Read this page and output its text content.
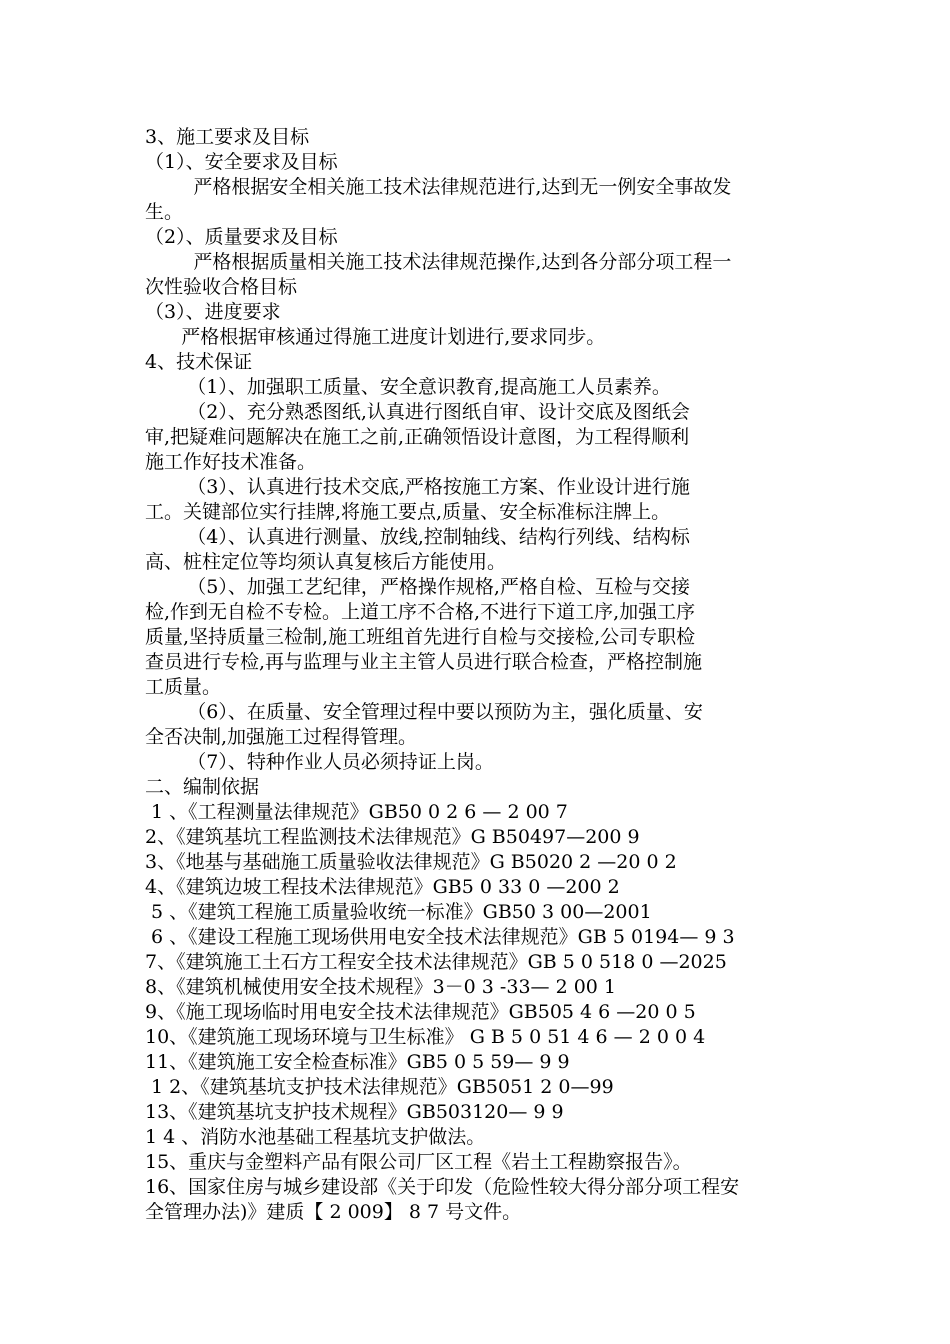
3、施工要求及目标
（1）、安全要求及目标
严格根据安全相关施工技术法律规范进行,达到无一例安全事故发
生。
（2）、质量要求及目标
严格根据质量相关施工技术法律规范操作,达到各分部分项工程一
次性验收合格目标
（3）、进度要求
严格根据审核通过得施工进度计划进行,要求同步。
4、技术保证
（1）、加强职工质量、安全意识教育,提高施工人员素养。
（2）、充分熟悉图纸,认真进行图纸自审、设计交底及图纸会
审,把疑难问题解决在施工之前,正确领悟设计意图，为工程得顺利
施工作好技术准备。
（3）、认真进行技术交底,严格按施工方案、作业设计进行施
工。关键部位实行挂牌,将施工要点,质量、安全标准标注牌上。
（4）、认真进行测量、放线,控制轴线、结构行列线、结构标
高、桩柱定位等均须认真复核后方能使用。
（5）、加强工艺纪律，严格操作规格,严格自检、互检与交接
检,作到无自检不专检。上道工序不合格,不进行下道工序,加强工序
质量,坚持质量三检制,施工班组首先进行自检与交接检,公司专职检
查员进行专检,再与监理与业主主管人员进行联合检查，严格控制施
工质量。
（6）、在质量、安全管理过程中要以预防为主，强化质量、安
全否决制,加强施工过程得管理。
（7）、特种作业人员必须持证上岗。
二、编制依据
1 、《工程测量法律规范》GB50 0 2 6 — 2 00 7
2、《建筑基坑工程监测技术法律规范》G B50497—200 9
3、《地基与基础施工质量验收法律规范》G B5020 2 —20 0 2
4、《建筑边坡工程技术法律规范》GB5 0 33 0 —200 2
5 、《建筑工程施工质量验收统一标准》GB50 3 00—2001
6 、《建设工程施工现场供用电安全技术法律规范》GB 5 0194— 9 3
7、《建筑施工土石方工程安全技术法律规范》GB 5 0 518 0 —2025
8、《建筑机械使用安全技术规程》3－0 3 -33— 2 00 1
9、《施工现场临时用电安全技术法律规范》GB505 4 6 —20 0 5
10、《建筑施工现场环境与卫生标准》 G B 5 0 51 4 6 — 2 0 0 4
11、《建筑施工安全检查标准》GB5 0 5 59— 9 9
1 2、《建筑基坑支护技术法律规范》GB5051 2 0—99
13、《建筑基坑支护技术规程》GB503120— 9 9
1 4 、消防水池基础工程基坑支护做法。
15、重庆与金塑料产品有限公司厂区工程《岩土工程勘察报告》。
16、国家住房与城乡建设部《关于印发（危险性较大得分部分项工程安
全管理办法)》建质【 2 009】 8 7 号文件。
